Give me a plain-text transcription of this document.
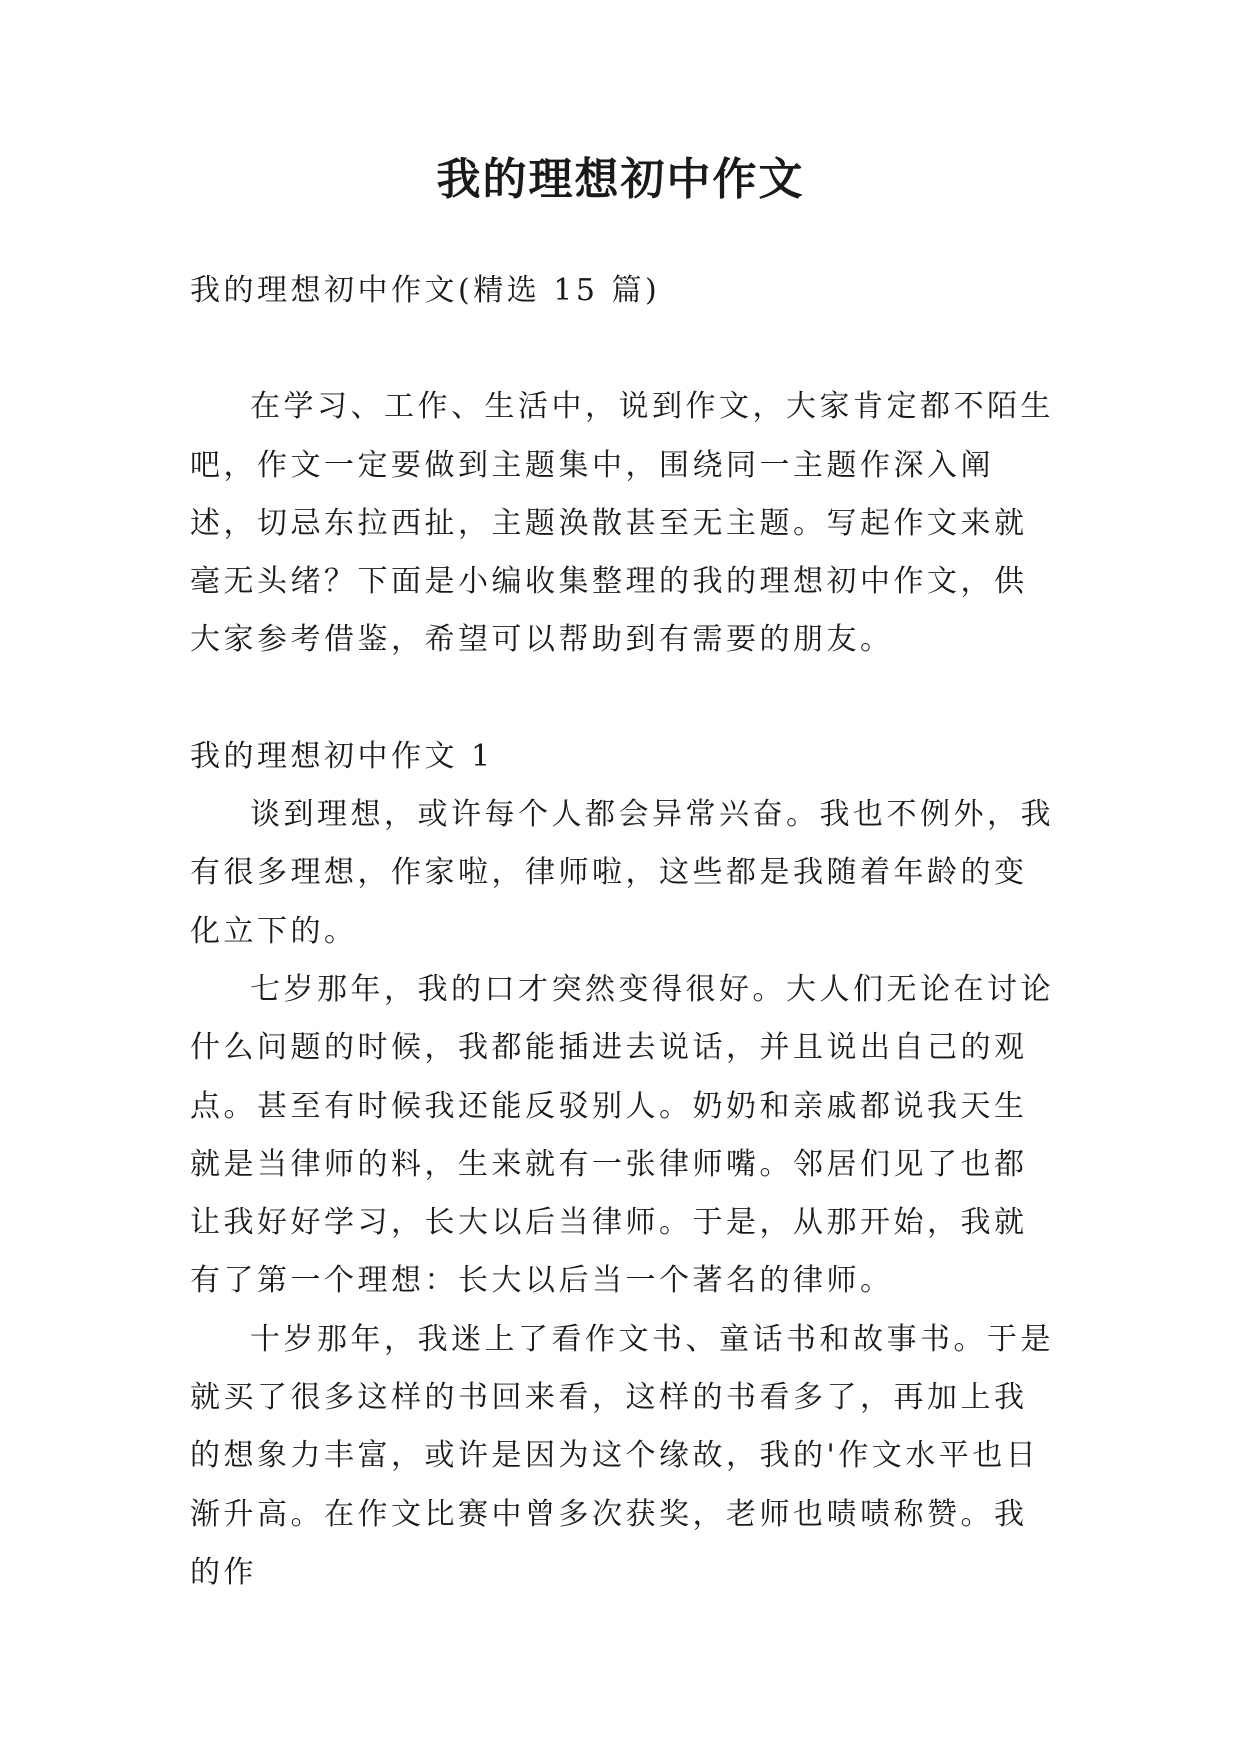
我的理想初中作文

我的理想初中作文(精选 15 篇)

在学习、工作、生活中，说到作文，大家肯定都不陌生吧，作文一定要做到主题集中，围绕同一主题作深入阐述，切忌东拉西扯，主题涣散甚至无主题。写起作文来就毫无头绪？下面是小编收集整理的我的理想初中作文，供大家参考借鉴，希望可以帮助到有需要的朋友。

我的理想初中作文 1

谈到理想，或许每个人都会异常兴奋。我也不例外，我有很多理想，作家啦，律师啦，这些都是我随着年龄的变化立下的。

七岁那年，我的口才突然变得很好。大人们无论在讨论什么问题的时候，我都能插进去说话，并且说出自己的观点。甚至有时候我还能反驳别人。奶奶和亲戚都说我天生就是当律师的料，生来就有一张律师嘴。邻居们见了也都让我好好学习，长大以后当律师。于是，从那开始，我就有了第一个理想：长大以后当一个著名的律师。

十岁那年，我迷上了看作文书、童话书和故事书。于是就买了很多这样的书回来看，这样的书看多了，再加上我的想象力丰富，或许是因为这个缘故，我的'作文水平也日渐升高。在作文比赛中曾多次获奖，老师也啧啧称赞。我的作
